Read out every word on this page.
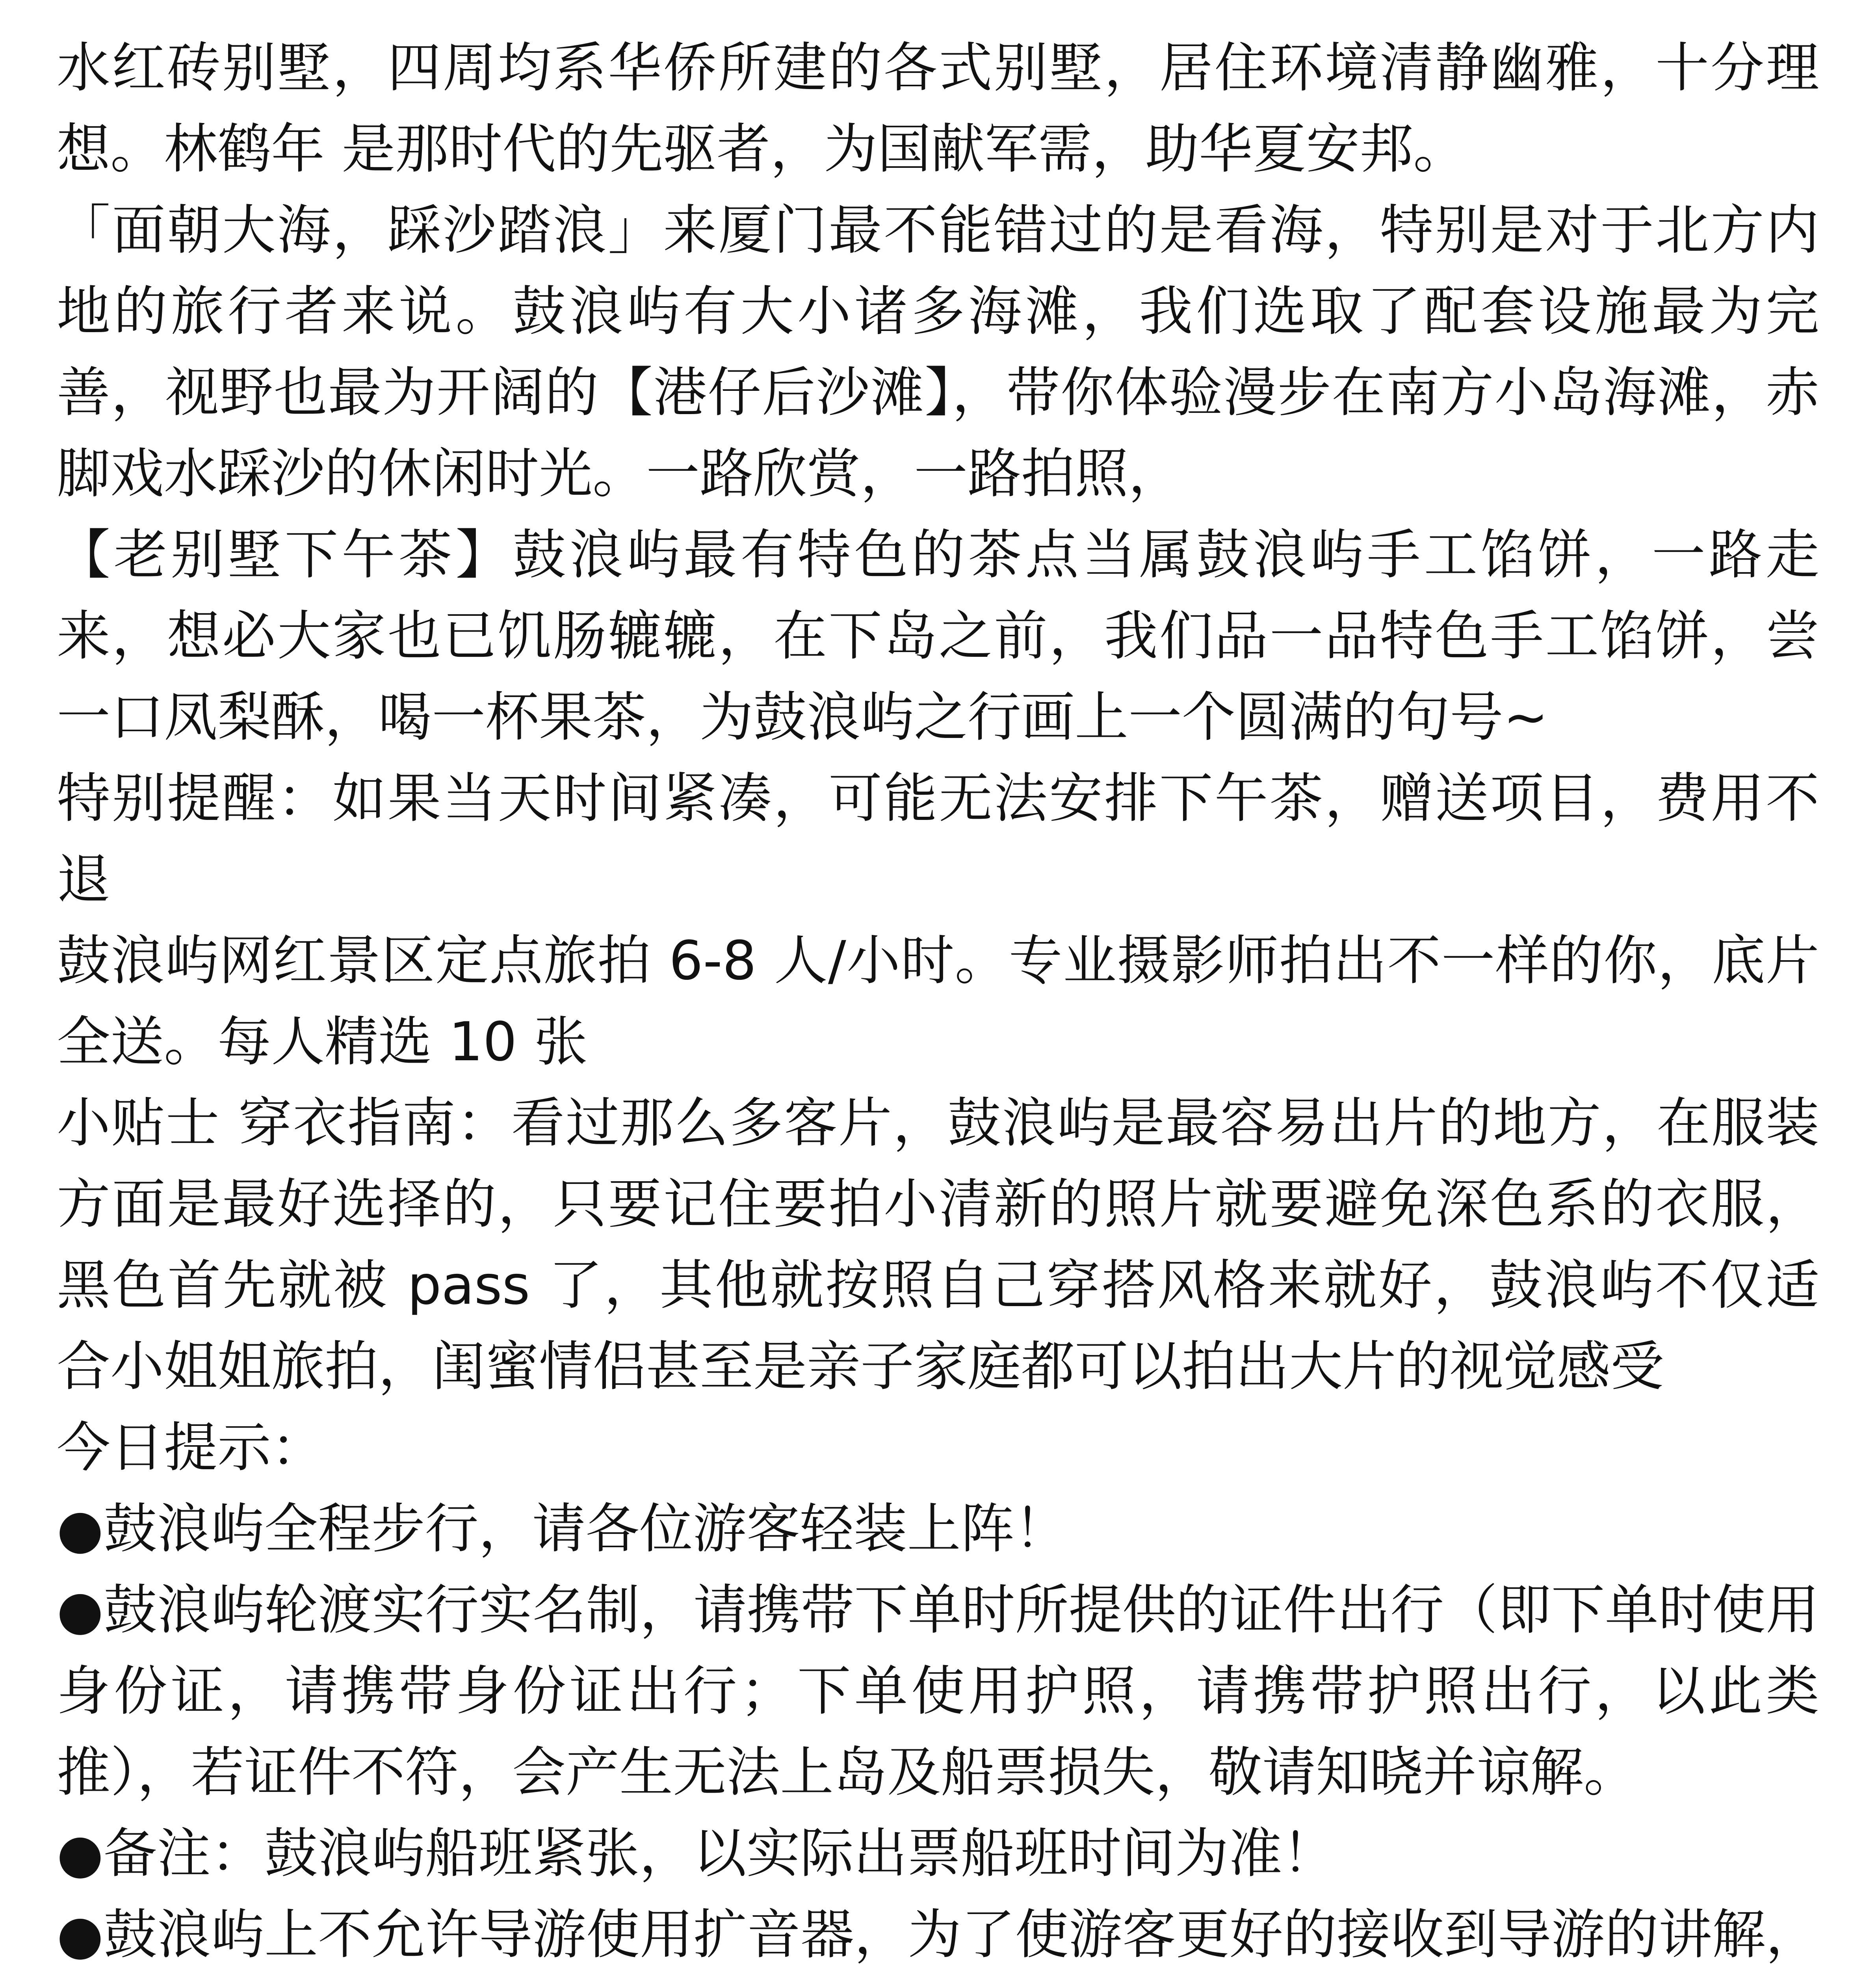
水红砖别墅，四周均系华侨所建的各式别墅，居住环境清静幽雅，十分理想。林鹤年 是那时代的先驱者，为国献军需，助华夏安邦。

「面朝大海，踩沙踏浪」来厦门最不能错过的是看海，特别是对于北方内地的旅行者来说。鼓浪屿有大小诸多海滩，我们选取了配套设施最为完善，视野也最为开阔的【港仔后沙滩】，带你体验漫步在南方小岛海滩，赤脚戏水踩沙的休闲时光。一路欣赏，一路拍照，

【老别墅下午茶】鼓浪屿最有特色的茶点当属鼓浪屿手工馅饼，一路走来，想必大家也已饥肠辘辘，在下岛之前，我们品一品特色手工馅饼，尝一口凤梨酥，喝一杯果茶，为鼓浪屿之行画上一个圆满的句号~

特别提醒：如果当天时间紧凑，可能无法安排下午茶，赠送项目，费用不退

鼓浪屿网红景区定点旅拍 6-8 人/小时。专业摄影师拍出不一样的你，底片全送。每人精选 10 张

小贴士 穿衣指南：看过那么多客片，鼓浪屿是最容易出片的地方，在服装方面是最好选择的，只要记住要拍小清新的照片就要避免深色系的衣服，黑色首先就被 pass 了，其他就按照自己穿搭风格来就好，鼓浪屿不仅适合小姐姐旅拍，闺蜜情侣甚至是亲子家庭都可以拍出大片的视觉感受

今日提示：

●鼓浪屿全程步行，请各位游客轻装上阵！

●鼓浪屿轮渡实行实名制，请携带下单时所提供的证件出行（即下单时使用身份证，请携带身份证出行；下单使用护照，请携带护照出行，以此类推），若证件不符，会产生无法上岛及船票损失，敬请知晓并谅解。

●备注：鼓浪屿船班紧张，以实际出票船班时间为准！

●鼓浪屿上不允许导游使用扩音器，为了使游客更好的接收到导游的讲解，
